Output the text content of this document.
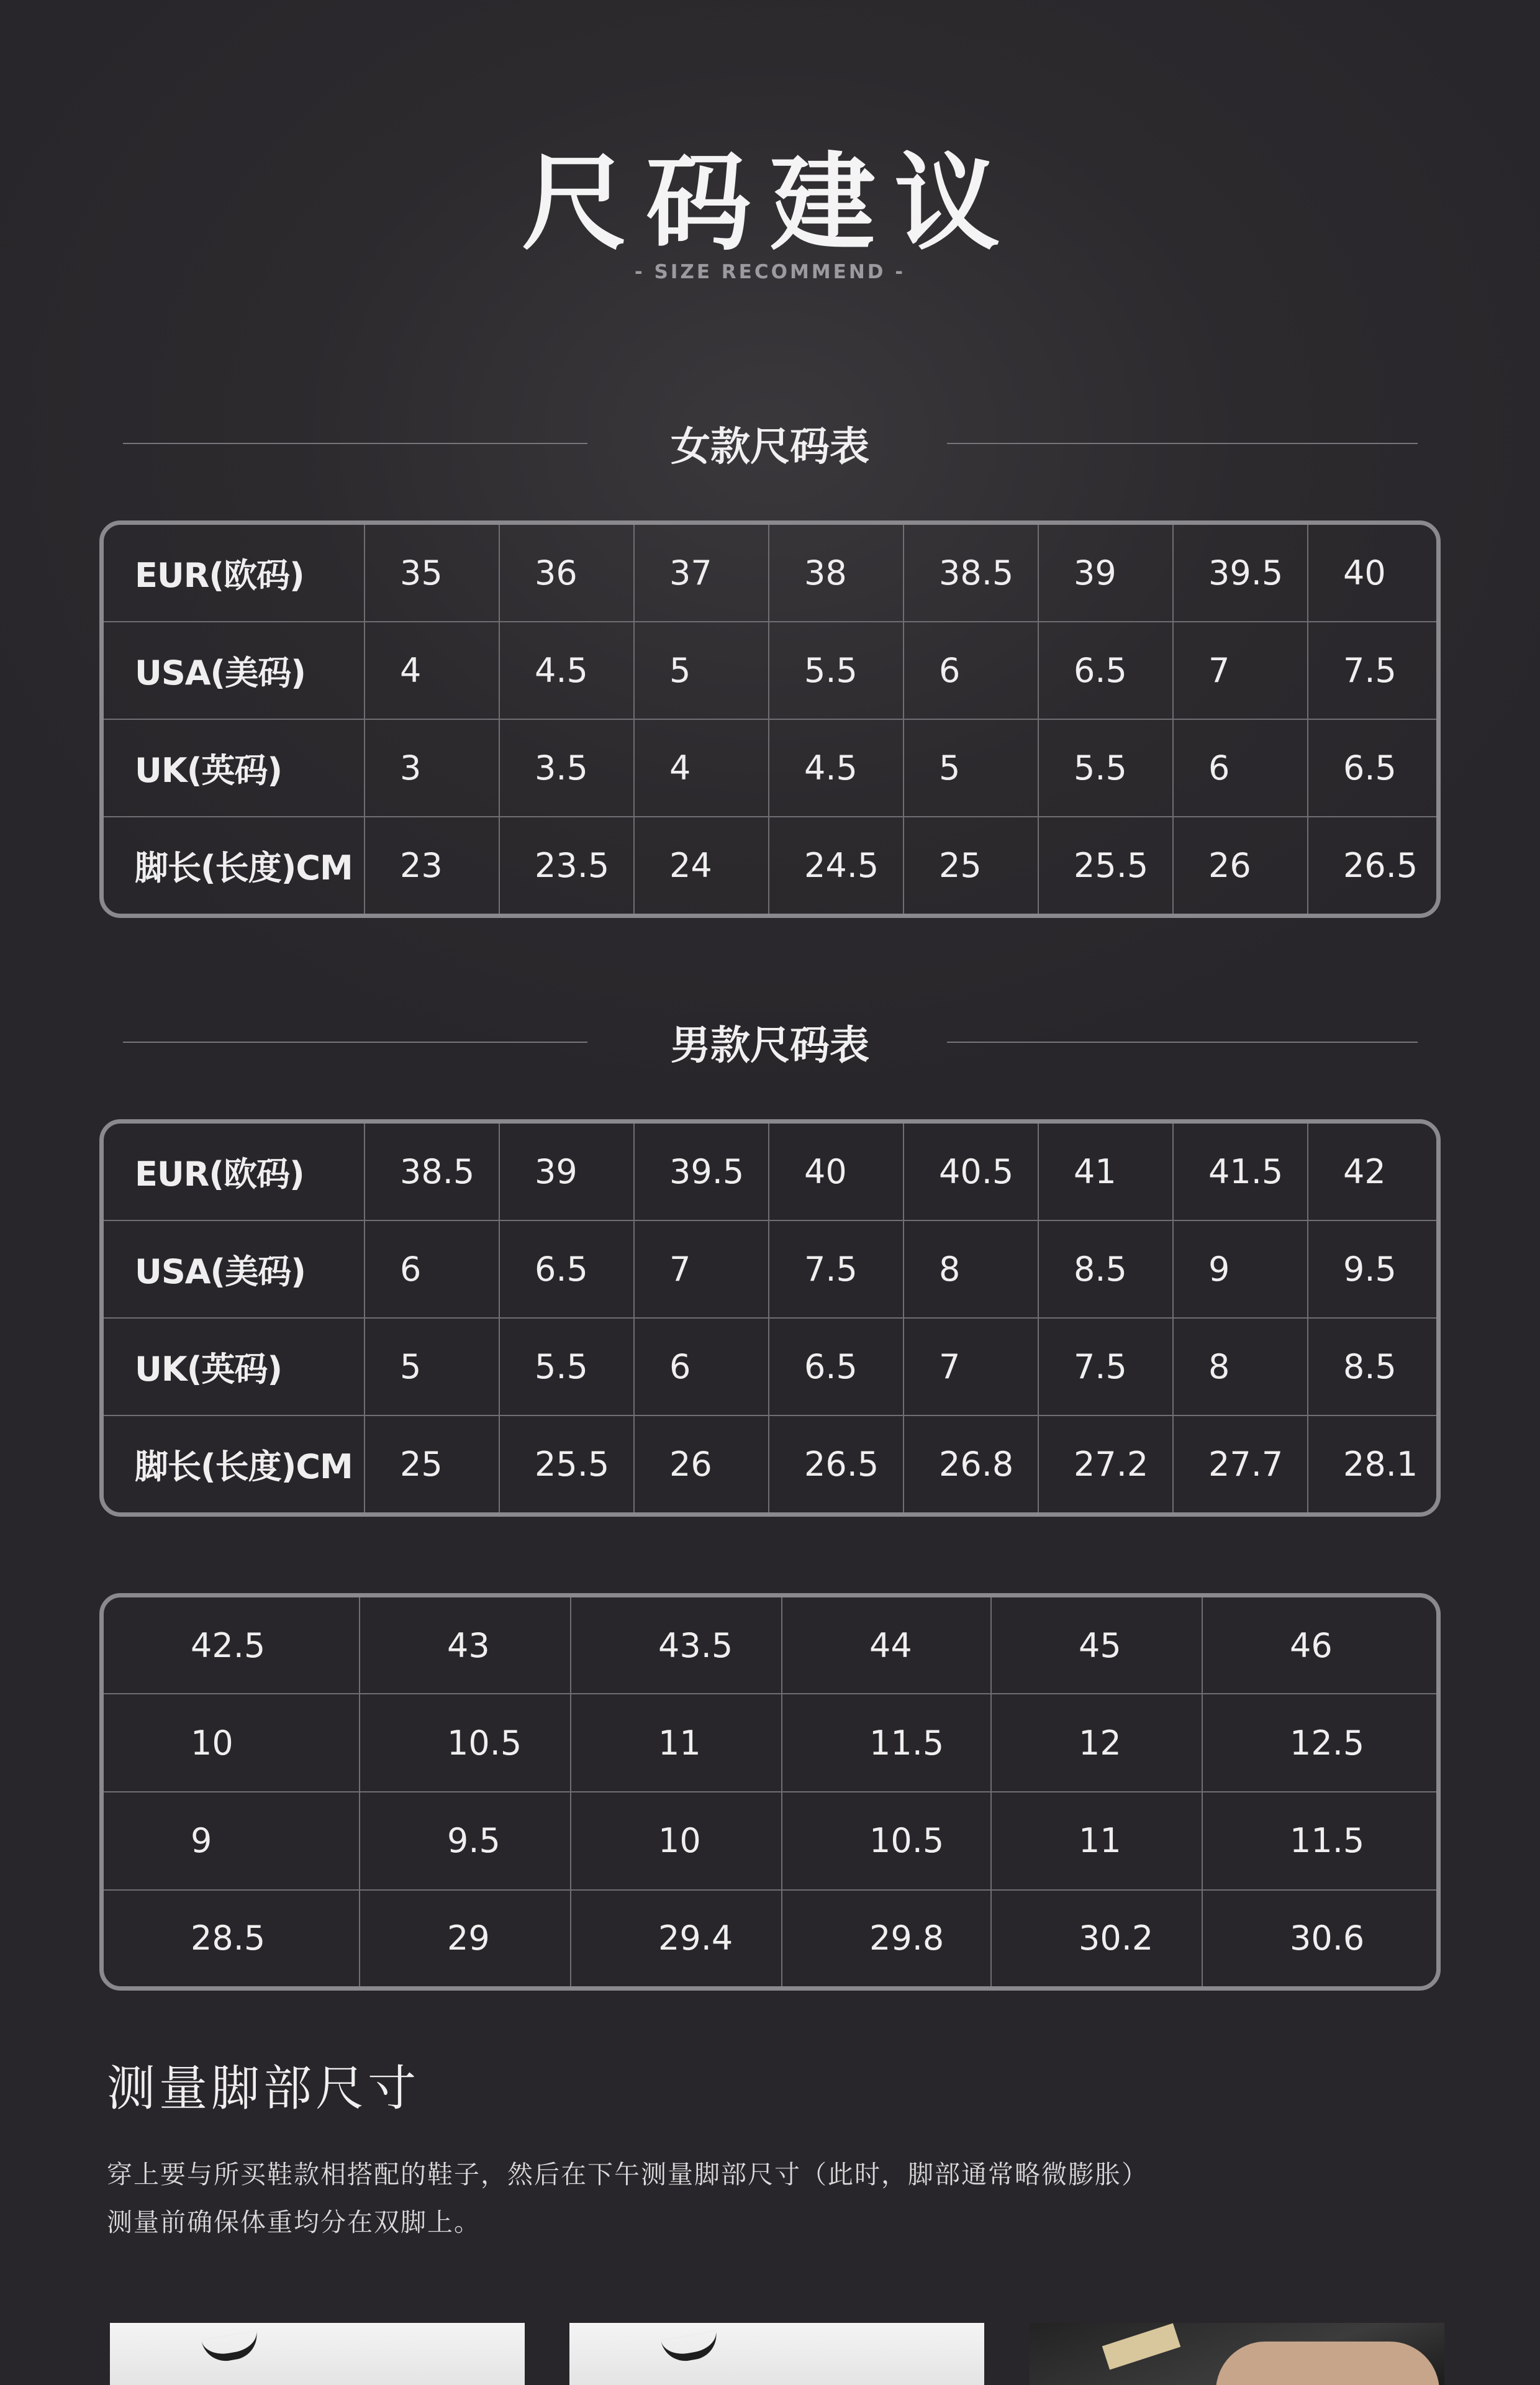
尺码建议
- SIZE RECOMMEND -
女款尺码表
EUR(欧码)	35	36	37	38	38.5	39	39.5	40
USA(美码)	4	4.5	5	5.5	6	6.5	7	7.5
UK(英码)	3	3.5	4	4.5	5	5.5	6	6.5
脚长(长度)CM	23	23.5	24	24.5	25	25.5	26	26.5
男款尺码表
EUR(欧码)	38.5	39	39.5	40	40.5	41	41.5	42
USA(美码)	6	6.5	7	7.5	8	8.5	9	9.5
UK(英码)	5	5.5	6	6.5	7	7.5	8	8.5
脚长(长度)CM	25	25.5	26	26.5	26.8	27.2	27.7	28.1
42.5	43	43.5	44	45	46
10	10.5	11	11.5	12	12.5
9	9.5	10	10.5	11	11.5
28.5	29	29.4	29.8	30.2	30.6
测量脚部尺寸
穿上要与所买鞋款相搭配的鞋子，然后在下午测量脚部尺寸（此时，脚部通常略微膨胀）
测量前确保体重均分在双脚上。
